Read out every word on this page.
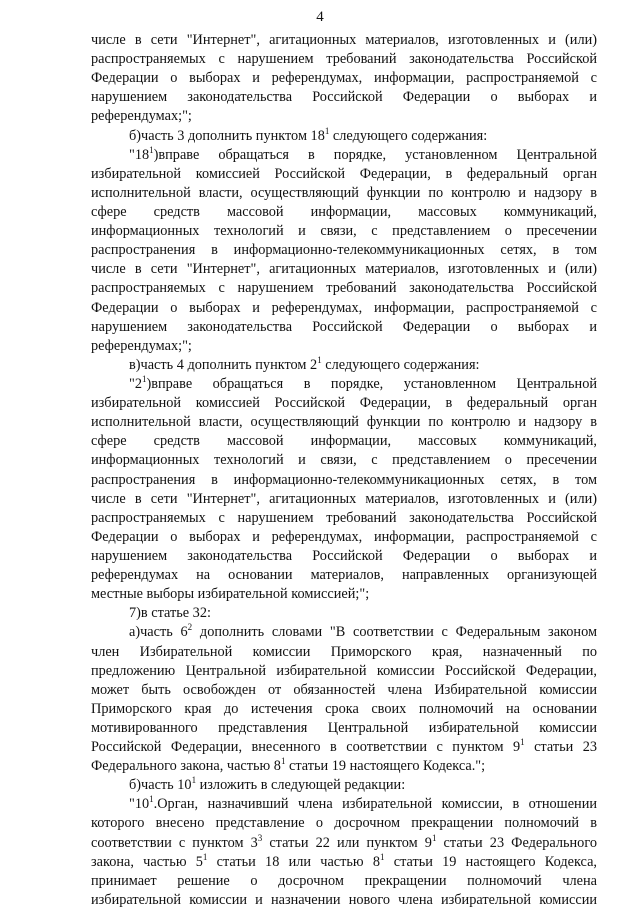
4
числе в сети "Интернет", агитационных материалов, изготовленных и (или)
распространяемых с нарушением требований законодательства Российской
Федерации о выборах и референдумах, информации, распространяемой с
нарушением законодательства Российской Федерации о выборах и
референдумах;";
б)часть 3 дополнить пунктом $18^1$ следующего содержания:
"$18^1)вправе$ обращаться в порядке, установленном Центральной
избирательной комиссией Российской Федерации, в федеральный орган
исполнительной власти, осуществляющий функции по контролю и надзору в
сфере средств массовой информации, массовых коммуникаций,
информационных технологий и связи, с представлением о пресечении
распространения в информационно-телекоммуникационных сетях, в том
числе в сети "Интернет", агитационных материалов, изготовленных и (или)
распространяемых с нарушением требований законодательства Российской
Федерации о выборах и референдумах, информации, распространяемой с
нарушением законодательства Российской Федерации о выборах и
референдумах;";
в)часть 4 дополнить пунктом $2^1$ следующего содержания:
"$2^1)вправе$ обращаться в порядке, установленном Центральной
избирательной комиссией Российской Федерации, в федеральный орган
исполнительной власти, осуществляющий функции по контролю и надзору в
сфере средств массовой информации, массовых коммуникаций,
информационных технологий и связи, с представлением о пресечении
распространения в информационно-телекоммуникационных сетях, в том
числе в сети "Интернет", агитационных материалов, изготовленных и (или)
распространяемых с нарушением требований законодательства Российской
Федерации о выборах и референдумах, информации, распространяемой с
нарушением законодательства Российской Федерации о выборах и
референдумах на основании материалов, направленных организующей
местные выборы избирательной комиссией;";
7)в статье 32:
а)часть $6^2$ дополнить словами "В соответствии с Федеральным законом
член Избирательной комиссии Приморского края, назначенный по
предложению Центральной избирательной комиссии Российской Федерации,
может быть освобожден от обязанностей члена Избирательной комиссии
Приморского края до истечения срока своих полномочий на основании
мотивированного представления Центральной избирательной комиссии
Российской Федерации, внесенного в соответствии с пунктом $9^1$ статьи 23
Федерального закона, частью $8^1$ статьи 19 настоящего Кодекса.";
б)часть $10^1$ изложить в следующей редакции:
"$10^1.Орган$, назначивший члена избирательной комиссии, в отношении
которого внесено представление о досрочном прекращении полномочий в
соответствии с пунктом $3^3$ статьи 22 или пунктом $9^1$ статьи 23 Федерального
закона, частью $5^1$ статьи 18 или частью $8^1$ статьи 19 настоящего Кодекса,
принимает решение о досрочном прекращении полномочий члена
избирательной комиссии и назначении нового члена избирательной комиссии
